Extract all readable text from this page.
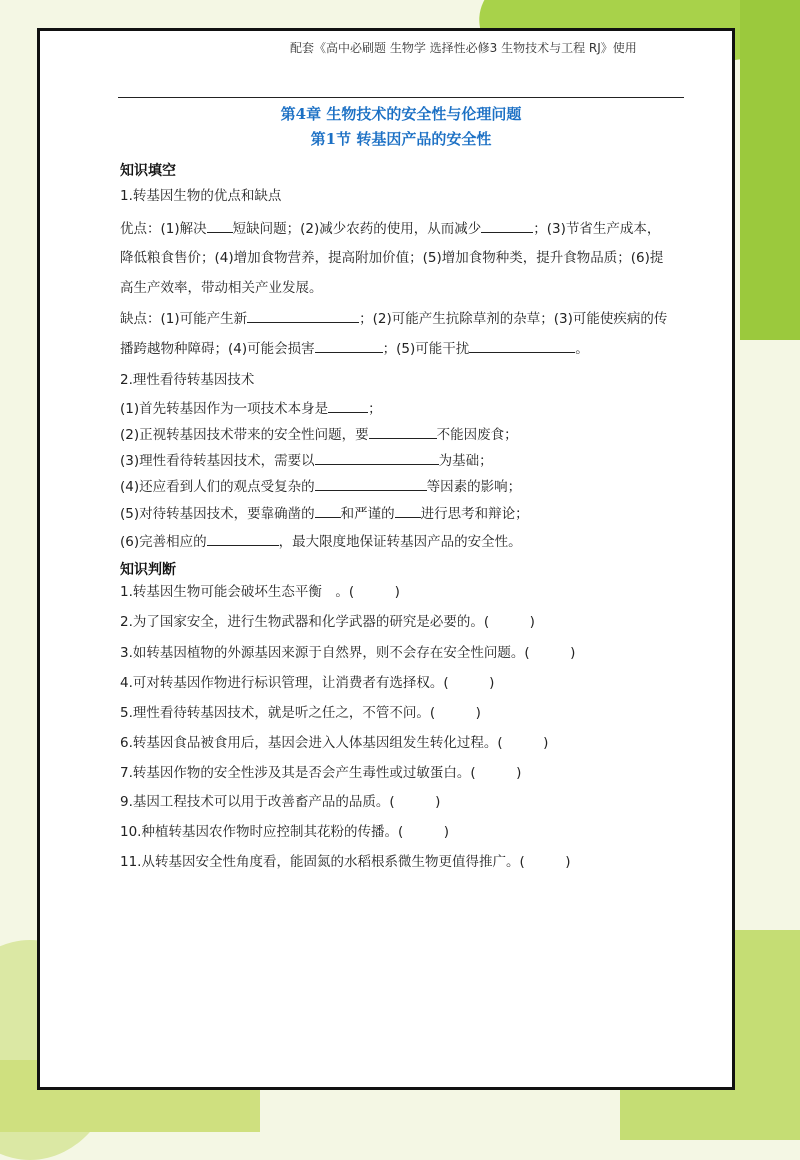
配套《高中必刷题 生物学 选择性必修3 生物技术与工程 RJ》使用
第4章 生物技术的安全性与伦理问题
第1节 转基因产品的安全性
知识填空
1.转基因生物的优点和缺点
优点：(1)解决 短缺问题；(2)减少农药的使用，从而减少	；(3)节省生产成本，
降低粮食售价；(4)增加食物营养，提高附加价值；(5)增加食物种类，提升食物品质；(6)提
高生产效率，带动相关产业发展。
缺点：(1)可能产生新	；(2)可能产生抗除草剂的杂草；(3)可能使疾病的传
播跨越物种障碍；(4)可能会损害	；(5)可能干扰	。
2.理性看待转基因技术
(1)首先转基因作为一项技术本身是	；
(2)正视转基因技术带来的安全性问题，要	不能因废食；
(3)理性看待转基因技术，需要以	为基础；
(4)还应看到人们的观点受复杂的	等因素的影响；
(5)对待转基因技术，要靠确凿的 和严谨的 进行思考和辩论；
(6)完善相应的	，最大限度地保证转基因产品的安全性。
知识判断
1.转基因生物可能会破坏生态平衡　。(　　　)
2.为了国家安全，进行生物武器和化学武器的研究是必要的。(　　　)
3.如转基因植物的外源基因来源于自然界，则不会存在安全性问题。(　　　)
4.可对转基因作物进行标识管理，让消费者有选择权。(　　　)
5.理性看待转基因技术，就是听之任之，不管不问。(　　　)
6.转基因食品被食用后，基因会进入人体基因组发生转化过程。(　　　)
7.转基因作物的安全性涉及其是否会产生毒性或过敏蛋白。(　　　)
9.基因工程技术可以用于改善畜产品的品质。(　　　)
10.种植转基因农作物时应控制其花粉的传播。(　　　)
11.从转基因安全性角度看，能固氮的水稻根系微生物更值得推广。(　　　)
